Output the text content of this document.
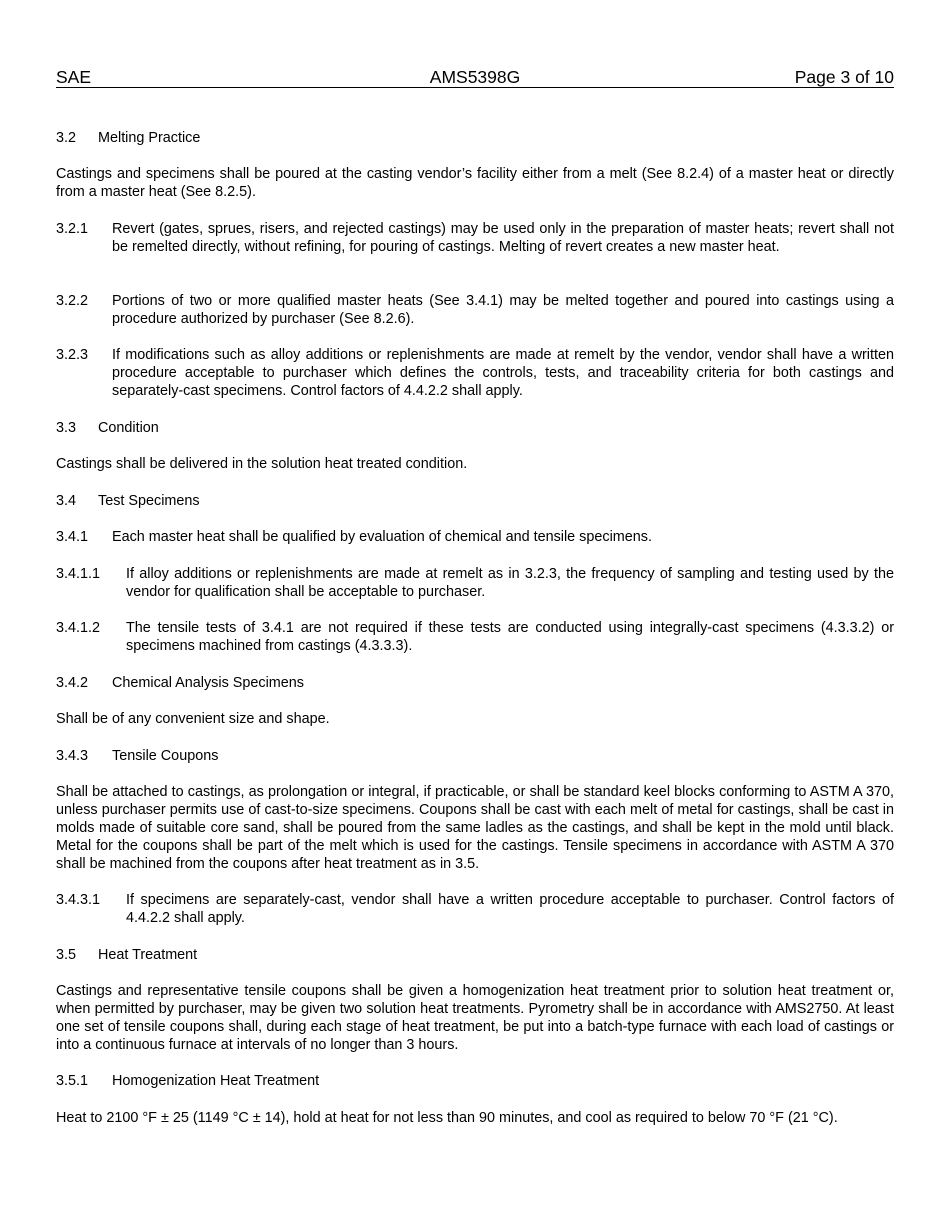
SAE	AMS5398G	Page 3 of 10
3.2 Melting Practice

Castings and specimens shall be poured at the casting vendor’s facility either from a melt (See 8.2.4) of a master heat or directly from a master heat (See 8.2.5).

3.2.1 Revert (gates, sprues, risers, and rejected castings) may be used only in the preparation of master heats; revert shall not be remelted directly, without refining, for pouring of castings. Melting of revert creates a new master heat.
3.2.2 Portions of two or more qualified master heats (See 3.4.1) may be melted together and poured into castings using a procedure authorized by purchaser (See 8.2.6).
3.2.3 If modifications such as alloy additions or replenishments are made at remelt by the vendor, vendor shall have a written procedure acceptable to purchaser which defines the controls, tests, and traceability criteria for both castings and separately-cast specimens. Control factors of 4.4.2.2 shall apply.
3.3 Condition

Castings shall be delivered in the solution heat treated condition.

3.4 Test Specimens
3.4.1 Each master heat shall be qualified by evaluation of chemical and tensile specimens.
3.4.1.1 If alloy additions or replenishments are made at remelt as in 3.2.3, the frequency of sampling and testing used by the vendor for qualification shall be acceptable to purchaser.
3.4.1.2 The tensile tests of 3.4.1 are not required if these tests are conducted using integrally-cast specimens (4.3.3.2) or specimens machined from castings (4.3.3.3).
3.4.2 Chemical Analysis Specimens

Shall be of any convenient size and shape.

3.4.3 Tensile Coupons

Shall be attached to castings, as prolongation or integral, if practicable, or shall be standard keel blocks conforming to ASTM A 370, unless purchaser permits use of cast-to-size specimens. Coupons shall be cast with each melt of metal for castings, shall be cast in molds made of suitable core sand, shall be poured from the same ladles as the castings, and shall be kept in the mold until black. Metal for the coupons shall be part of the melt which is used for the castings. Tensile specimens in accordance with ASTM A 370 shall be machined from the coupons after heat treatment as in 3.5.

3.4.3.1 If specimens are separately-cast, vendor shall have a written procedure acceptable to purchaser. Control factors of 4.4.2.2 shall apply.
3.5 Heat Treatment

Castings and representative tensile coupons shall be given a homogenization heat treatment prior to solution heat treatment or, when permitted by purchaser, may be given two solution heat treatments. Pyrometry shall be in accordance with AMS2750. At least one set of tensile coupons shall, during each stage of heat treatment, be put into a batch-type furnace with each load of castings or into a continuous furnace at intervals of no longer than 3 hours.

3.5.1 Homogenization Heat Treatment

Heat to 2100 °F ± 25 (1149 °C ± 14), hold at heat for not less than 90 minutes, and cool as required to below 70 °F (21 °C).
